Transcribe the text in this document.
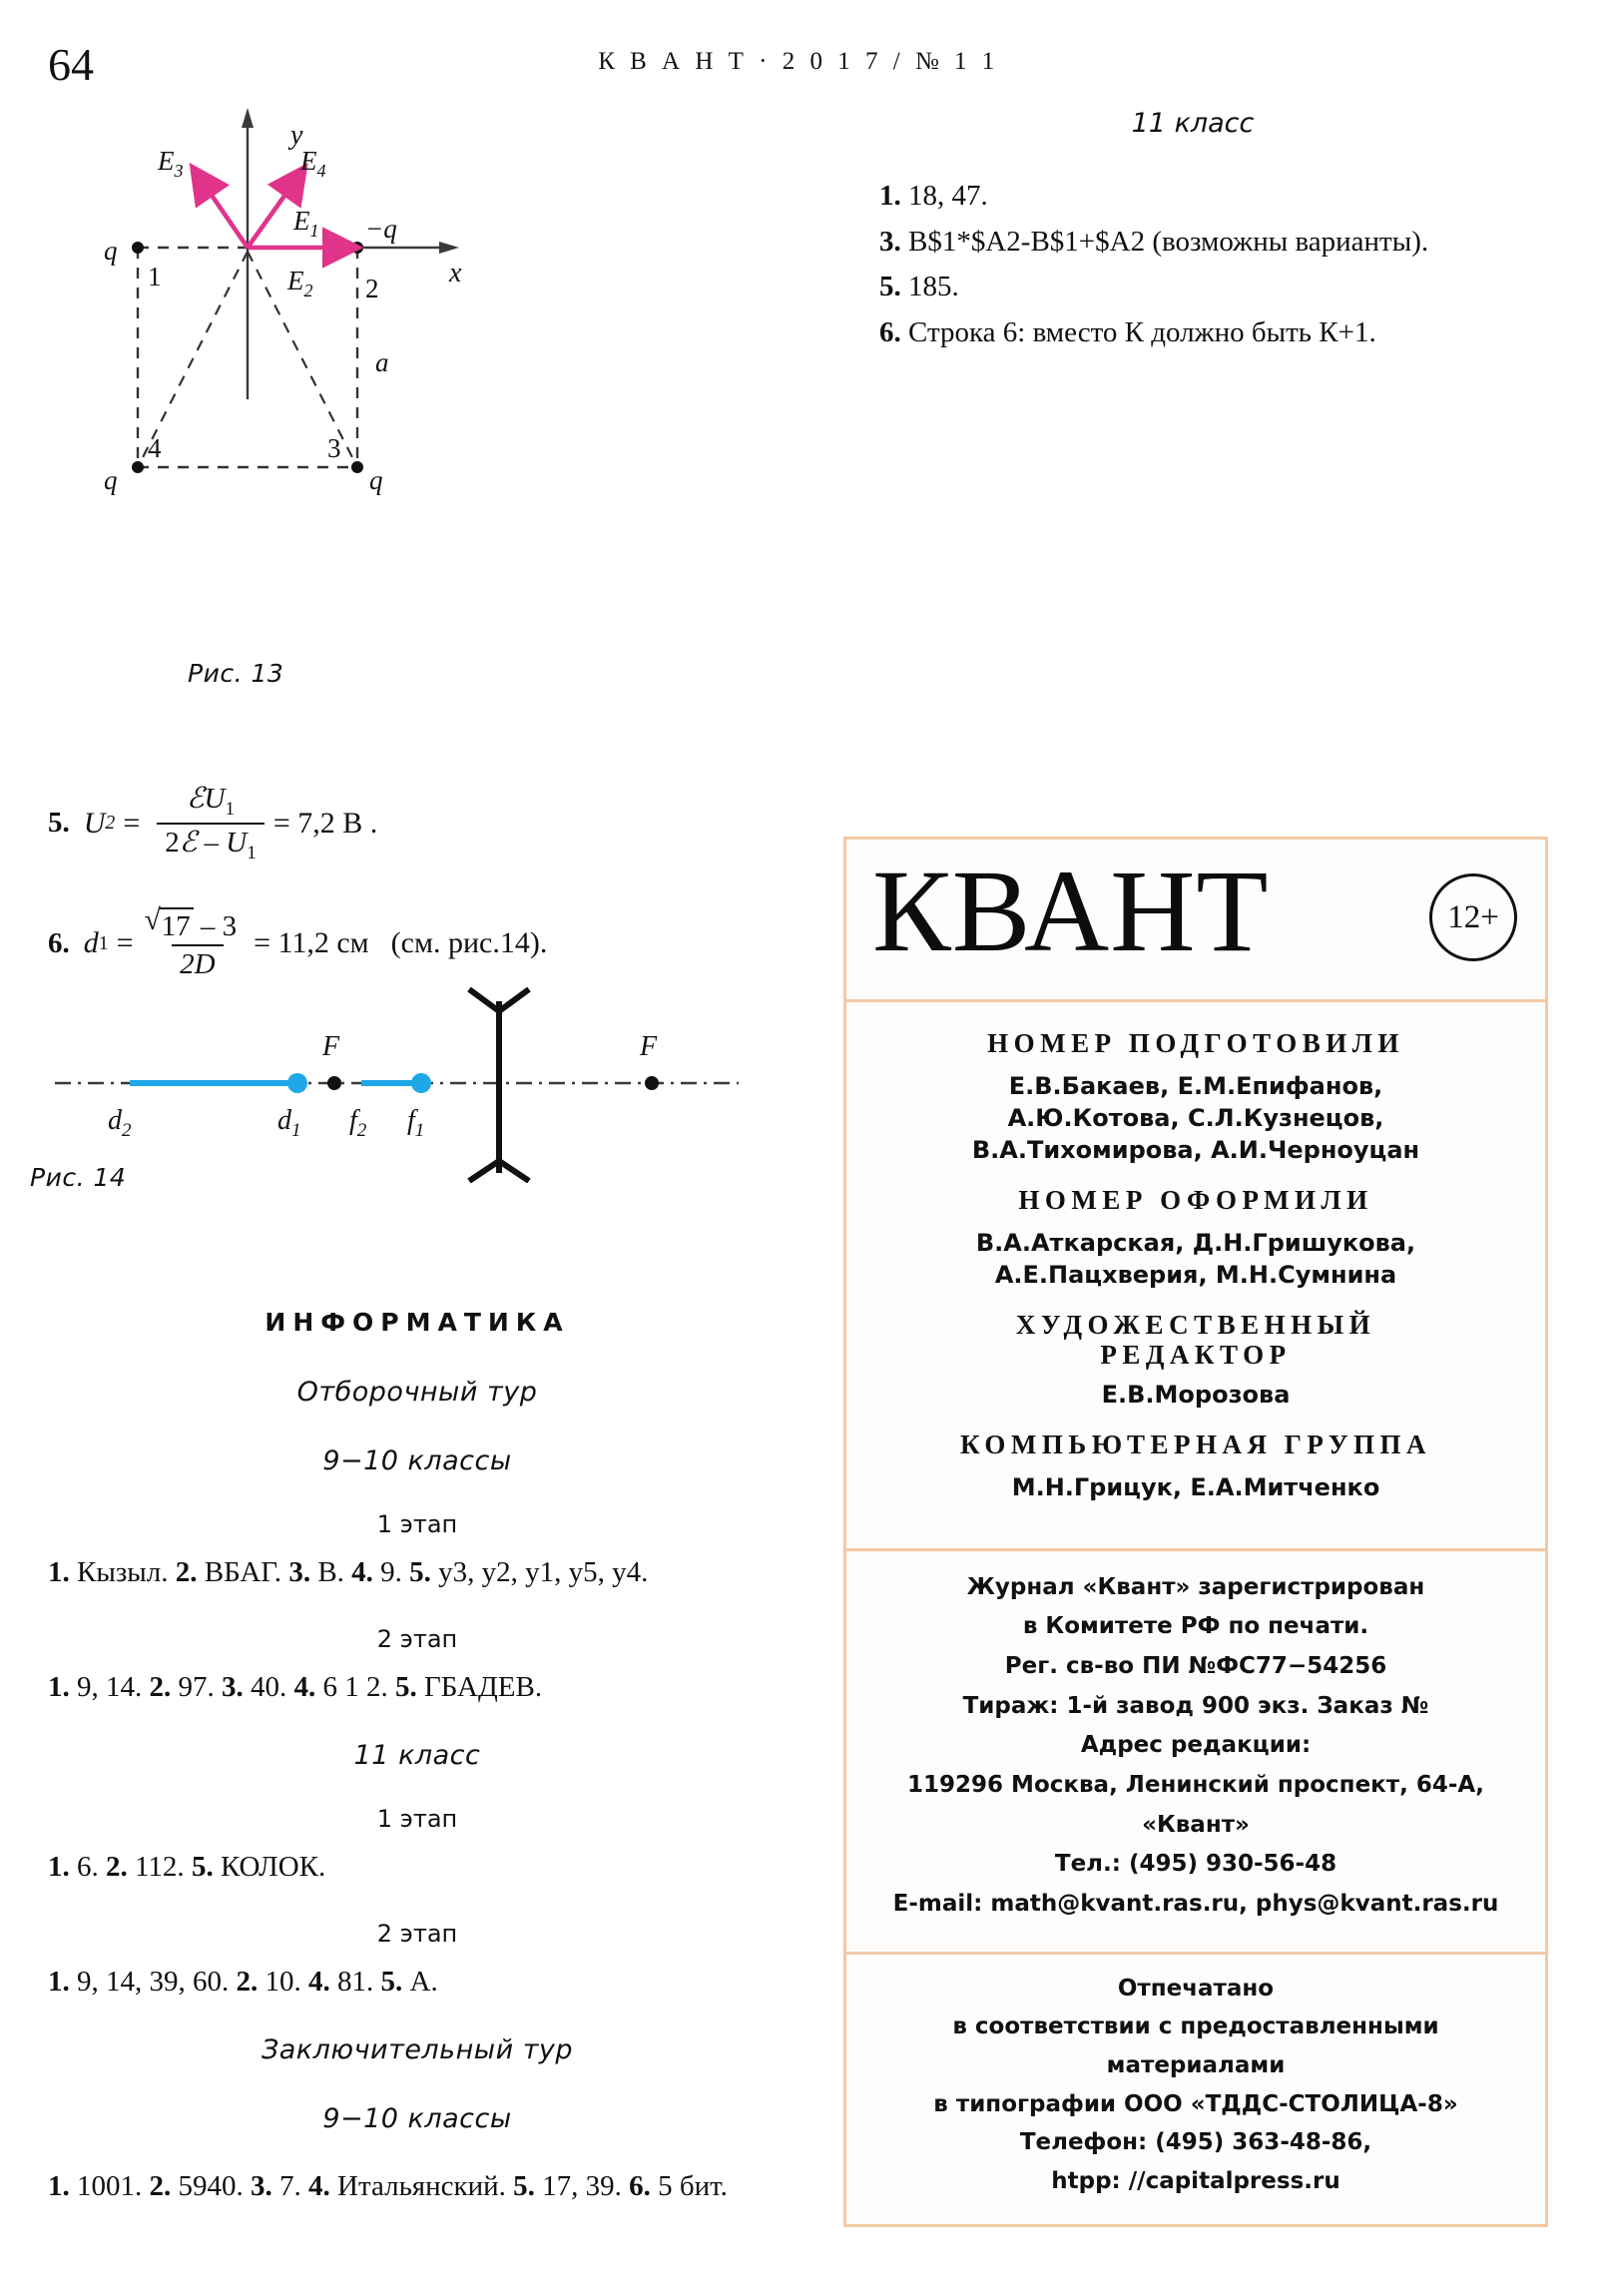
64	К В А Н Т · 2 0 1 7 / № 1 1
y
x
$E_3$	$E_4$
$E_1$
$E_2$
q
−q
q	q
1	2
3
4
a
Рис. 13
5. U $2 = \frac{ℰU_1}{2ℰ - U_1} = 7,2$ В .
6. d 1 = √ $\frac{17 - 3}{2D} = 11,2$ см (см. рис.14).
$d_2$	$d_1$ $f_2$ $f_1$
F	F
Рис. 14
ИНФОРМАТИКА
Отборочный тур
9−10 классы
1 этап

1. Кызыл. 2. ВБАГ. 3. В. 4. 9. 5. у3, у2, у1, у5, у4.

2 этап

1. 9, 14. 2. 97. 3. 40. 4. 6 1 2. 5. ГБАДЕВ.

11 класс
1 этап

1. 6. 2. 112. 5. КОЛОК.

2 этап

1. 9, 14, 39, 60. 2. 10. 4. 81. 5. А.

Заключительный тур
9−10 классы

1. 1001. 2. 5940. 3. 7. 4. Итальянский. 5. 17, 39. 6. 5 бит.

11 класс

1. 18, 47.

3. B$1*$A2-B$1+$A2 (возможны варианты).

5. 185.

6. Строка 6: вместо К должно быть К+1.

КВАНТ	12+
НОМЕР ПОДГОТОВИЛИ
Е.В.Бакаев, Е.М.Епифанов,
А.Ю.Котова, С.Л.Кузнецов,
В.А.Тихомирова, А.И.Черноуцан
НОМЕР ОФОРМИЛИ
В.А.Аткарская, Д.Н.Гришукова,
А.Е.Пацхверия, М.Н.Сумнина
ХУДОЖЕСТВЕННЫЙ
РЕДАКТОР
Е.В.Морозова
КОМПЬЮТЕРНАЯ ГРУППА
М.Н.Грицук, Е.А.Митченко

Журнал «Квант» зарегистрирован

в Комитете РФ по печати.

Рег. св-во ПИ №ФС77−54256

Тираж: 1-й завод 900 экз. Заказ №

Адрес редакции:

119296 Москва, Ленинский проспект, 64-А,

«Квант»

Тел.: (495) 930-56-48

E-mail: math@kvant.ras.ru, phys@kvant.ras.ru

Отпечатано

в соответствии с предоставленными

материалами

в типографии ООО «ТДДС-СТОЛИЦА-8»

Телефон: (495) 363-48-86,

htpp: //capitalpress.ru
